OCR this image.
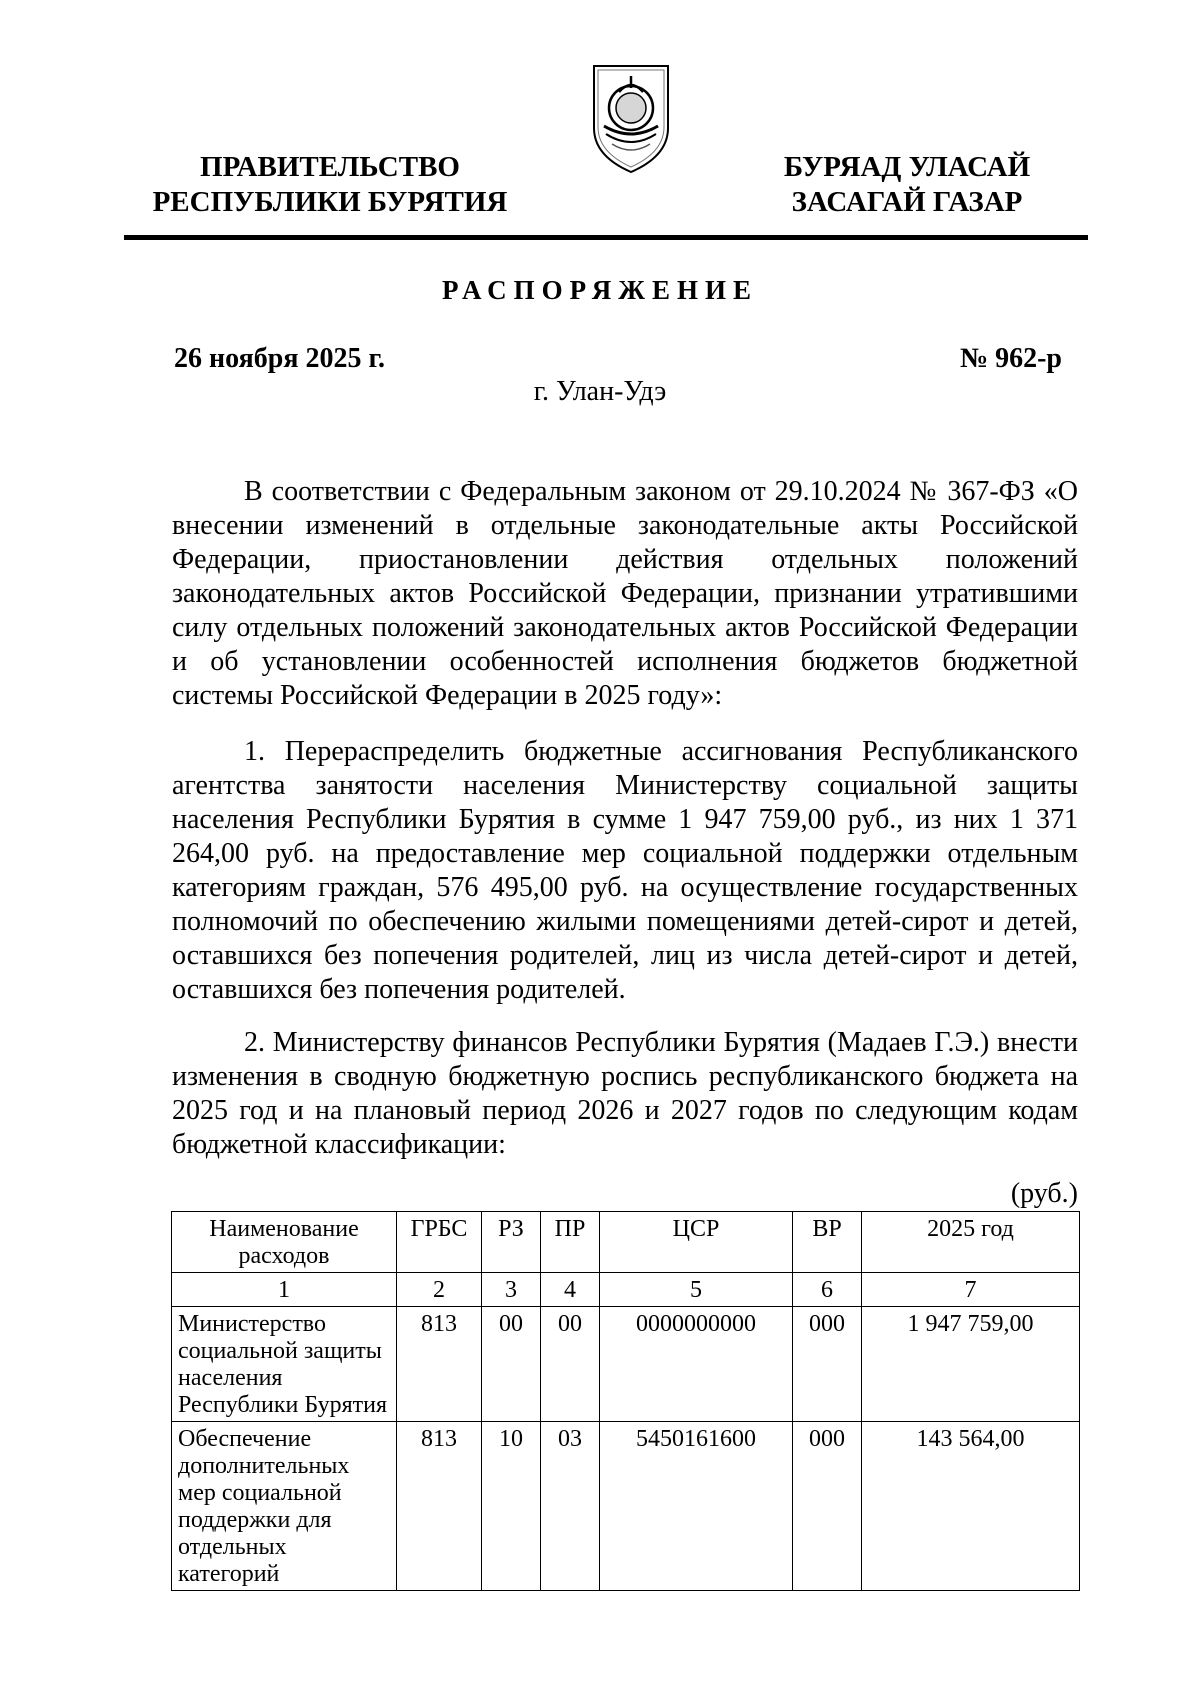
ПРАВИТЕЛЬСТВО
РЕСПУБЛИКИ БУРЯТИЯ
БУРЯАД УЛАСАЙ
ЗАСАГАЙ ГАЗАР
РАСПОРЯЖЕНИЕ
26 ноября 2025 г.	№ 962-р
г. Улан-Удэ
В соответствии с Федеральным законом от 29.10.2024 № 367-ФЗ «О внесении изменений в отдельные законодательные акты Российской Федерации, приостановлении действия отдельных положений законодательных актов Российской Федерации, признании утратившими силу отдельных положений законодательных актов Российской Федерации и об установлении особенностей исполнения бюджетов бюджетной системы Российской Федерации в 2025 году»:
1. Перераспределить бюджетные ассигнования Республиканского агентства занятости населения Министерству социальной защиты населения Республики Бурятия в сумме 1 947 759,00 руб., из них 1 371 264,00 руб. на предоставление мер социальной поддержки отдельным категориям граждан, 576 495,00 руб. на осуществление государственных полномочий по обеспечению жилыми помещениями детей-сирот и детей, оставшихся без попечения родителей, лиц из числа детей-сирот и детей, оставшихся без попечения родителей.
2. Министерству финансов Республики Бурятия (Мадаев Г.Э.) внести изменения в сводную бюджетную роспись республиканского бюджета на 2025 год и на плановый период 2026 и 2027 годов по следующим кодам бюджетной классификации:
(руб.)
Наименование расходов	ГРБС	РЗ	ПР	ЦСР	ВР	2025 год
1	2	3	4	5	6	7
Министерство социальной защиты населения Республики Бурятия	813	00	00	0000000000	000	1 947 759,00
Обеспечение дополнительных мер социальной поддержки для отдельных категорий	813	10	03	5450161600	000	143 564,00
